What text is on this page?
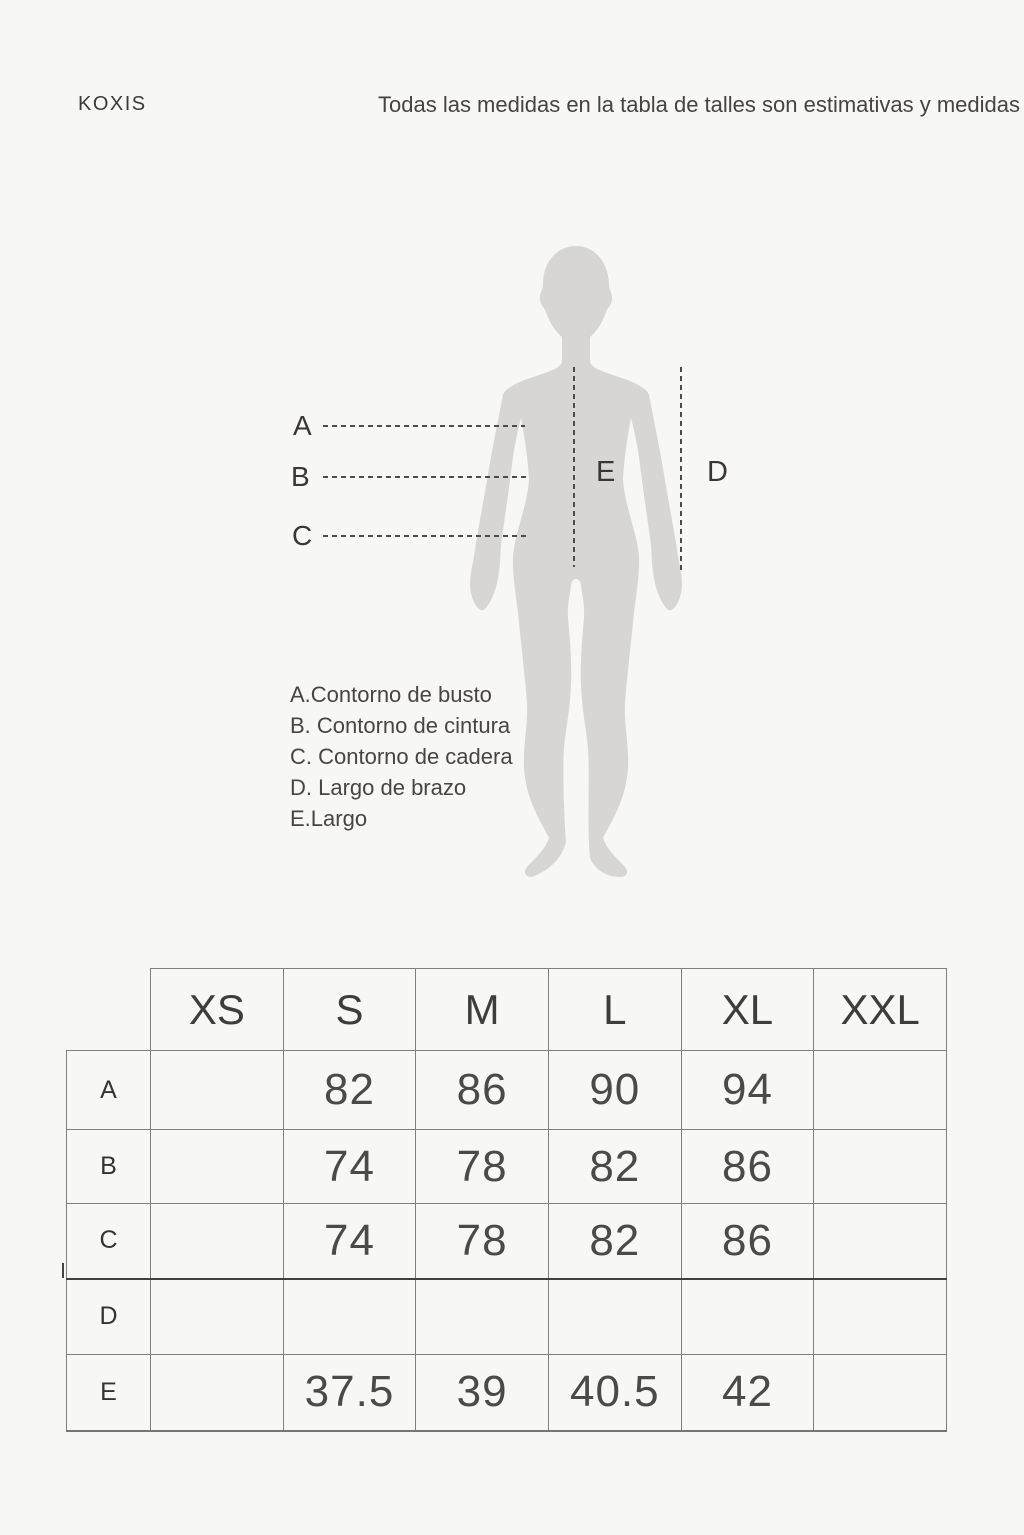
KOXIS	Todas las medidas en la tabla de talles son estimativas y medidas
A
B
C
E	D
A.Contorno de busto
B. Contorno de cintura
C. Contorno de cadera
D. Largo de brazo
E.Largo
	XS	S	M	L	XL	XXL
A		82	86	90	94	
B		74	78	82	86	
C		74	78	82	86	
D						
E		37.5	39	40.5	42	
